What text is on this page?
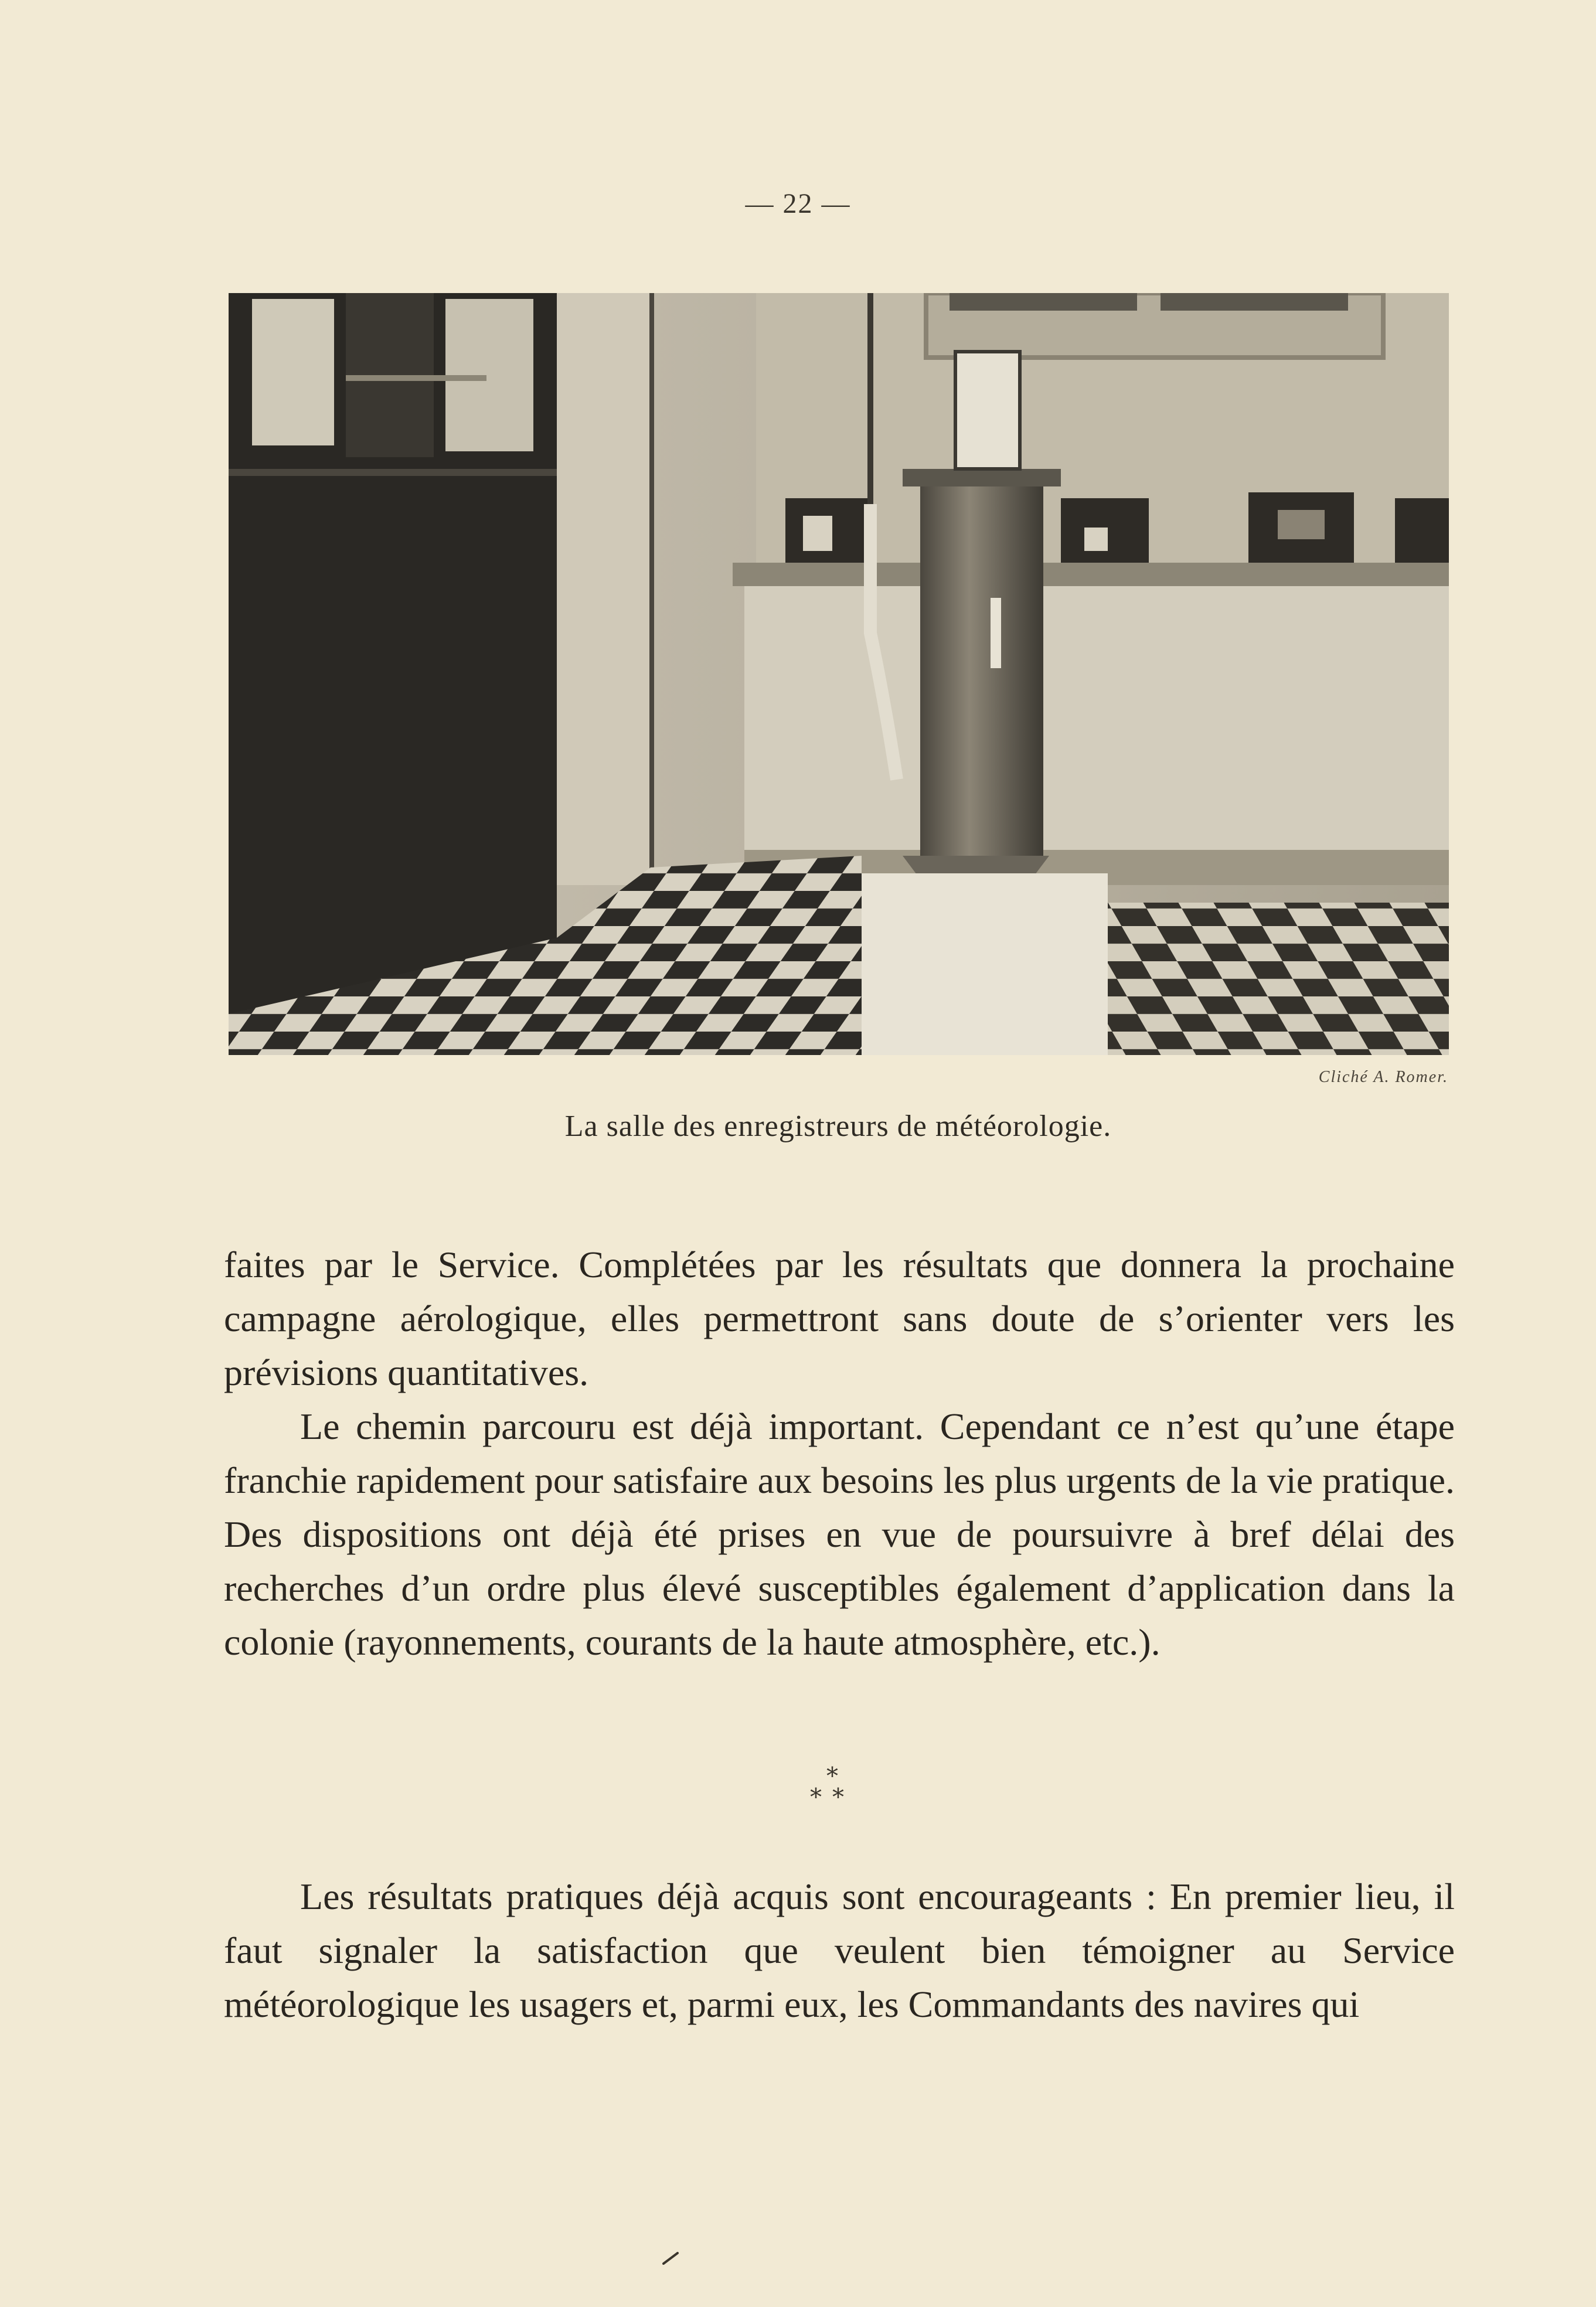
— 22 —
Cliché A. Romer.
La salle des enregistreurs de météorologie.

faites par le Service. Complétées par les résultats que donnera la prochaine campagne aérologique, elles permettront sans doute de s’orienter vers les prévisions quantitatives.

Le chemin parcouru est déjà important. Cependant ce n’est qu’une étape franchie rapidement pour satisfaire aux besoins les plus urgents de la vie pratique. Des dispositions ont déjà été prises en vue de poursuivre à bref délai des recherches d’un ordre plus élevé susceptibles également d’application dans la colonie (rayonnements, courants de la haute atmosphère, etc.).

⁎
⁎⁎

Les résultats pratiques déjà acquis sont encourageants : En premier lieu, il faut signaler la satisfaction que veulent bien témoigner au Service météorologique les usagers et, parmi eux, les Commandants des navires qui
